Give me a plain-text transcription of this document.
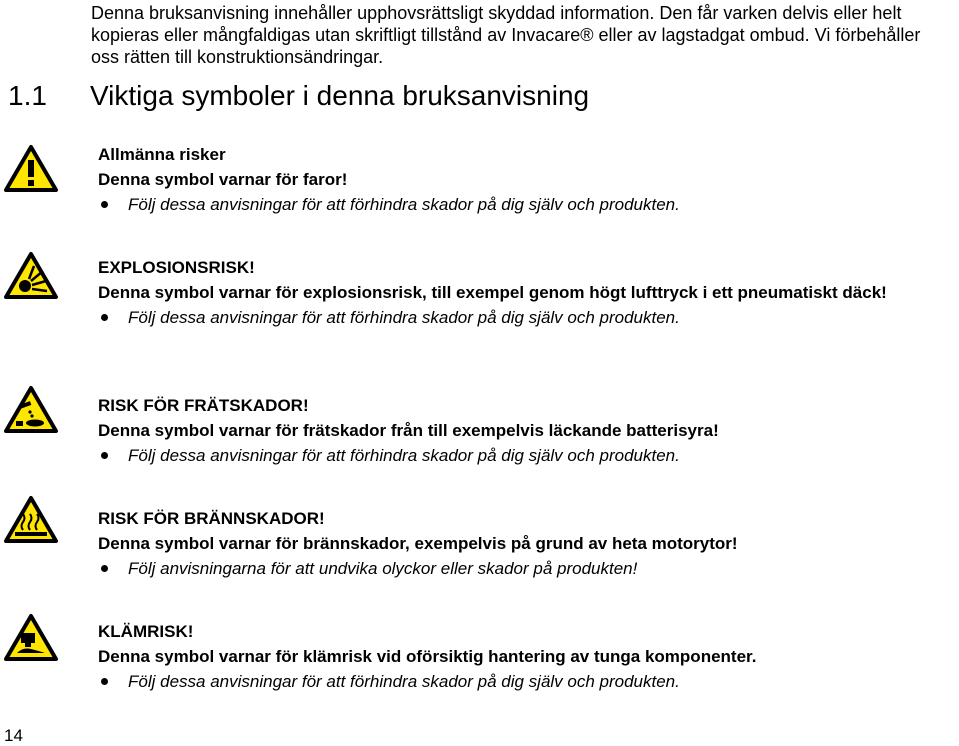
Denna bruksanvisning innehåller upphovsrättsligt skyddad information. Den får varken delvis eller helt kopieras eller mångfaldigas utan skriftligt tillstånd av Invacare® eller av lagstadgat ombud. Vi förbehåller oss rätten till konstruktionsändringar.
1.1 Viktiga symboler i denna bruksanvisning
Allmänna risker
Denna symbol varnar för faror!
Följ dessa anvisningar för att förhindra skador på dig själv och produkten.
EXPLOSIONSRISK!
Denna symbol varnar för explosionsrisk, till exempel genom högt lufttryck i ett pneumatiskt däck!
Följ dessa anvisningar för att förhindra skador på dig själv och produkten.
RISK FÖR FRÄTSKADOR!
Denna symbol varnar för frätskador från till exempelvis läckande batterisyra!
Följ dessa anvisningar för att förhindra skador på dig själv och produkten.
RISK FÖR BRÄNNSKADOR!
Denna symbol varnar för brännskador, exempelvis på grund av heta motorytor!
Följ anvisningarna för att undvika olyckor eller skador på produkten!
KLÄMRISK!
Denna symbol varnar för klämrisk vid oförsiktig hantering av tunga komponenter.
Följ dessa anvisningar för att förhindra skador på dig själv och produkten.
14
